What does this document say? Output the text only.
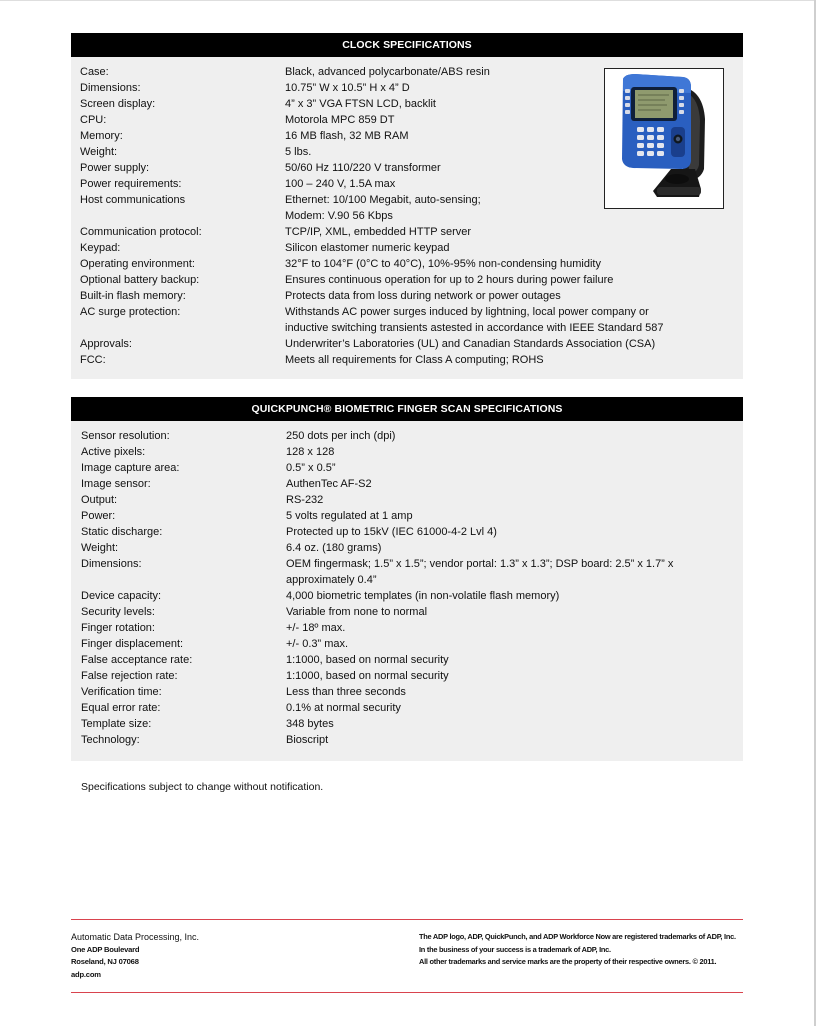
CLOCK SPECIFICATIONS
Case:	Black, advanced polycarbonate/ABS resin
Dimensions:	10.75” W x 10.5” H x 4” D
Screen display:	4” x 3” VGA FTSN LCD, backlit
CPU:	Motorola MPC 859 DT
Memory:	16 MB flash, 32 MB RAM
Weight:	5 lbs.
Power supply:	50/60 Hz 110/220 V transformer
Power requirements:	100 – 240 V, 1.5A max
Host communications	Ethernet: 10/100 Megabit, auto-sensing;
Modem: V.90 56 Kbps
Communication protocol:	TCP/IP, XML, embedded HTTP server
Keypad:	Silicon elastomer numeric keypad
Operating environment:	32°F to 104°F (0°C to 40°C), 10%-95% non-condensing humidity
Optional battery backup:	Ensures continuous operation for up to 2 hours during power failure
Built-in flash memory:	Protects data from loss during network or power outages
AC surge protection:	Withstands AC power surges induced by lightning, local power company or inductive switching transients astested in accordance with IEEE Standard 587
Approvals:	Underwriter’s Laboratories (UL) and Canadian Standards Association (CSA)
FCC:	Meets all requirements for Class A computing; ROHS
QUICKPUNCH® BIOMETRIC FINGER SCAN SPECIFICATIONS
Sensor resolution:	250 dots per inch (dpi)
Active pixels:	128 x 128
Image capture area:	0.5” x 0.5”
Image sensor:	AuthenTec AF-S2
Output:	RS-232
Power:	5 volts regulated at 1 amp
Static discharge:	Protected up to 15kV (IEC 61000-4-2 Lvl 4)
Weight:	6.4 oz. (180 grams)
Dimensions:	OEM fingermask; 1.5” x 1.5”; vendor portal: 1.3” x 1.3”; DSP board: 2.5” x 1.7” x approximately 0.4”
Device capacity:	4,000 biometric templates (in non-volatile flash memory)
Security levels:	Variable from none to normal
Finger rotation:	+/- 18º max.
Finger displacement:	+/- 0.3” max.
False acceptance rate:	1:1000, based on normal security
False rejection rate:	1:1000, based on normal security
Verification time:	Less than three seconds
Equal error rate:	0.1% at normal security
Template size:	348 bytes
Technology:	Bioscript
Specifications subject to change without notification.
Automatic Data Processing, Inc.
One ADP Boulevard
Roseland, NJ 07068
adp.com
The ADP logo, ADP, QuickPunch, and ADP Workforce Now are registered trademarks of ADP, Inc.
In the business of your success is a trademark of ADP, Inc.
All other trademarks and service marks are the property of their respective owners. © 2011.
